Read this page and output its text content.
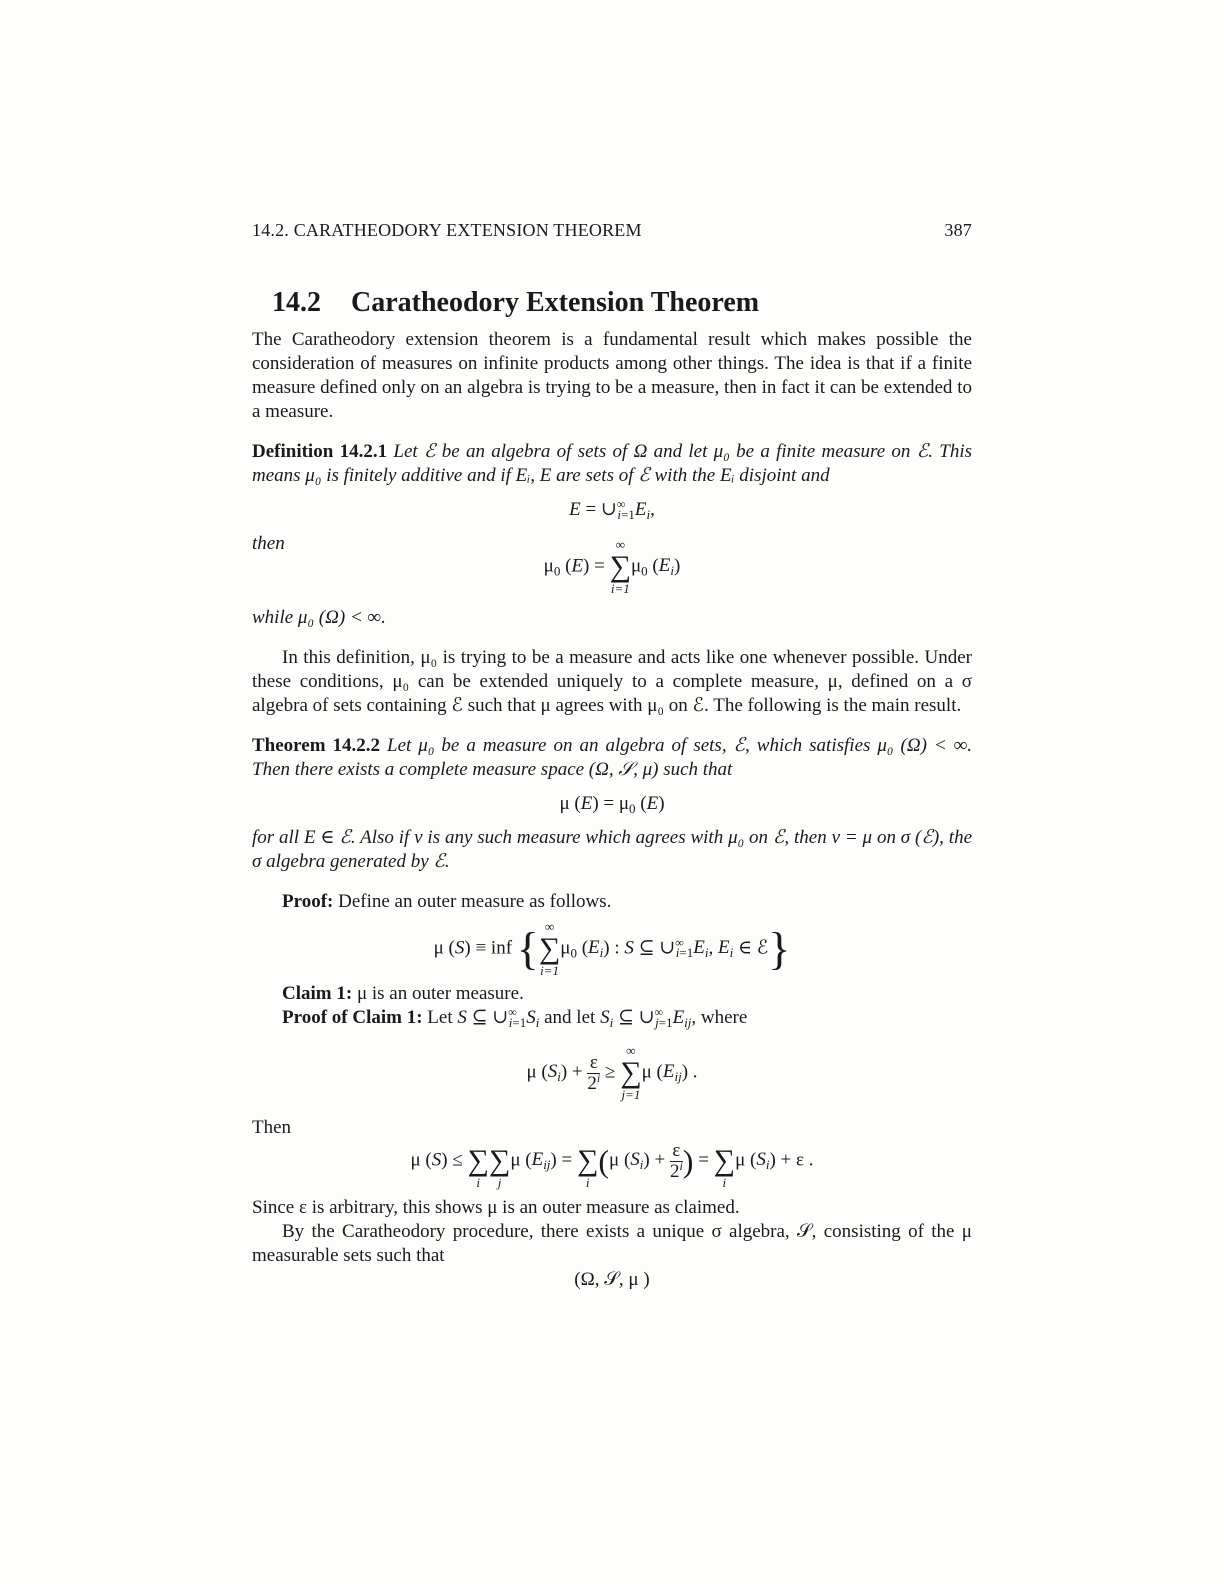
14.2. CARATHEODORY EXTENSION THEOREM	387
14.2 Caratheodory Extension Theorem

The Caratheodory extension theorem is a fundamental result which makes possible the consideration of measures on infinite products among other things. The idea is that if a finite measure defined only on an algebra is trying to be a measure, then in fact it can be extended to a measure.

Definition 14.2.1 Let ℰ be an algebra of sets of Ω and let μ₀ be a finite measure on ℰ. This means μ₀ is finitely additive and if Eᵢ, E are sets of ℰ with the Eᵢ disjoint and

$E = \cup^\infty_{i=1}E_i$,

then

$\mu_0$ (E) =
∞
∑
i=1
$\mu_0$ $(E_i)$

while μ₀ (Ω) < ∞.

In this definition, μ₀ is trying to be a measure and acts like one whenever possible. Under these conditions, μ₀ can be extended uniquely to a complete measure, μ, defined on a σ algebra of sets containing ℰ such that μ agrees with μ₀ on ℰ. The following is the main result.

Theorem 14.2.2 Let μ₀ be a measure on an algebra of sets, ℰ, which satisfies μ₀ (Ω) < ∞. Then there exists a complete measure space (Ω, 𝒮, μ) such that

μ $(E) = \mu_0$ (E)

for all E ∈ ℰ. Also if ν is any such measure which agrees with μ₀ on ℰ, then ν = μ on σ (ℰ), the σ algebra generated by ℰ.

Proof: Define an outer measure as follows.

μ (S) ≡ inf { ∞
∑
i=1
$\mu_0$ $(E_i)$ : S ⊆ $\cup^\infty_{i=1}E_i$, $E_i$ ∈ ℰ}

Claim 1: μ is an outer measure.

Proof of Claim 1: Let S ⊆ $\cup^\infty_{i=1}S_i$ and let $S_i$ ⊆ $\cup^\infty_{j=1}E_{ij}$, where

μ $(S_i) + \frac{\varepsilon}{2^i}$ ≥
∞
∑
j=1
μ $(E_{ij})$ .

Then

μ (S) ≤
∑
i

∑
j
μ $(E_{ij})$ =
∑
i
(μ $(S_i) + \frac{\varepsilon}{2^i}$ ) =
∑
i
μ $(S_i) + \varepsilon$ .

Since ε is arbitrary, this shows μ is an outer measure as claimed.

By the Caratheodory procedure, there exists a unique σ algebra, 𝒮, consisting of the μ measurable sets such that

(Ω, 𝒮, μ )
